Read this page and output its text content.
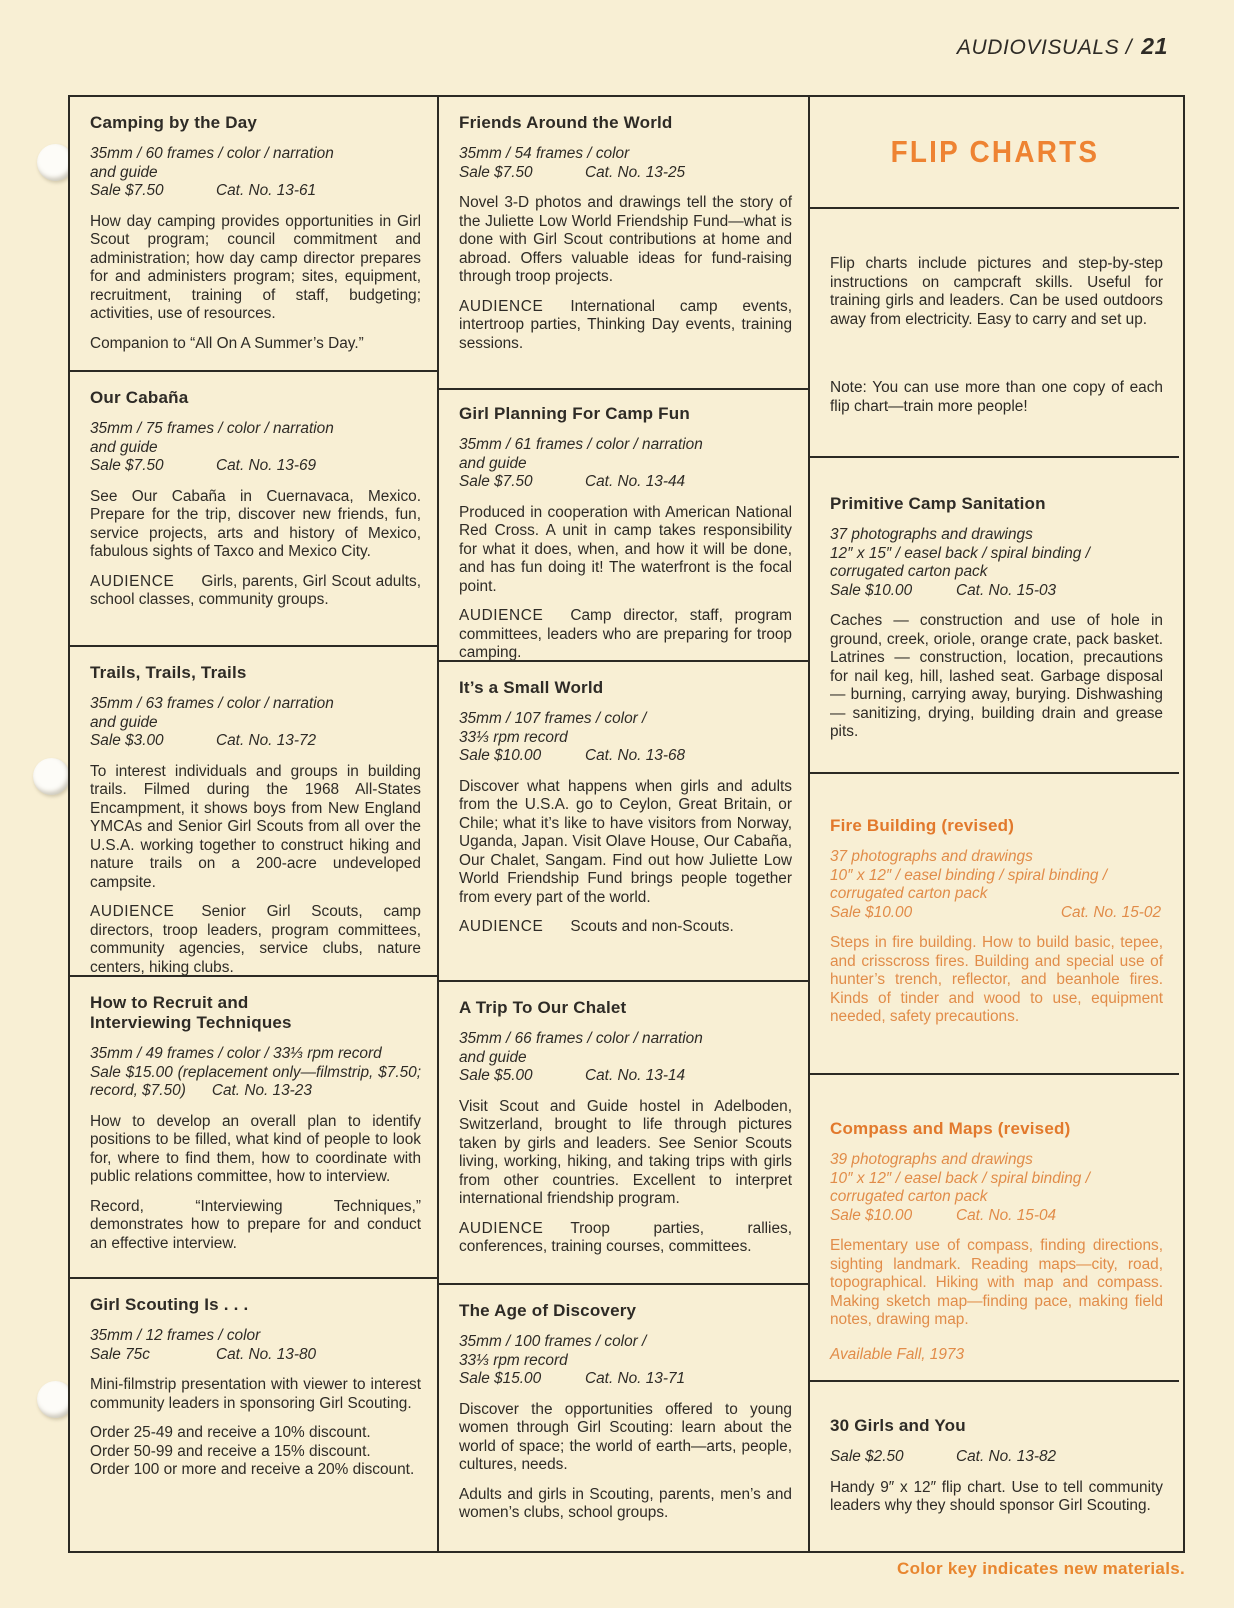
AUDIOVISUALS / 21
Camping by the Day
35mm / 60 frames / color / narration
and guide
Sale $7.50	Cat. No. 13-61

How day camping provides opportunities in Girl Scout program; council commitment and administration; how day camp director prepares for and administers program; sites, equipment, recruitment, training of staff, budgeting; activities, use of resources.

Companion to “All On A Summer’s Day.”

Our Cabaña
35mm / 75 frames / color / narration
and guide
Sale $7.50	Cat. No. 13-69

See Our Cabaña in Cuernavaca, Mexico. Prepare for the trip, discover new friends, fun, service projects, arts and history of Mexico, fabulous sights of Taxco and Mexico City.

AUDIENCE Girls, parents, Girl Scout adults, school classes, community groups.

Trails, Trails, Trails
35mm / 63 frames / color / narration
and guide
Sale $3.00	Cat. No. 13-72

To interest individuals and groups in building trails. Filmed during the 1968 All-States Encampment, it shows boys from New England YMCAs and Senior Girl Scouts from all over the U.S.A. working together to construct hiking and nature trails on a 200-acre undeveloped campsite.

AUDIENCE Senior Girl Scouts, camp directors, troop leaders, program committees, community agencies, service clubs, nature centers, hiking clubs.

How to Recruit and
Interviewing Techniques
35mm / 49 frames / color / 33⅓ rpm record
Sale $15.00 (replacement only—filmstrip, $7.50; record, $7.50) Cat. No. 13-23

How to develop an overall plan to identify positions to be filled, what kind of people to look for, where to find them, how to coordinate with public relations committee, how to interview.

Record, “Interviewing Techniques,” demonstrates how to prepare for and conduct an effective interview.

Girl Scouting Is . . .
35mm / 12 frames / color
Sale 75c	Cat. No. 13-80

Mini-filmstrip presentation with viewer to interest community leaders in sponsoring Girl Scouting.

Order 25-49 and receive a 10% discount.
Order 50-99 and receive a 15% discount.
Order 100 or more and receive a 20% discount.
Friends Around the World
35mm / 54 frames / color
Sale $7.50	Cat. No. 13-25

Novel 3-D photos and drawings tell the story of the Juliette Low World Friendship Fund—what is done with Girl Scout contributions at home and abroad. Offers valuable ideas for fund-raising through troop projects.

AUDIENCE International camp events, intertroop parties, Thinking Day events, training sessions.

Girl Planning For Camp Fun
35mm / 61 frames / color / narration
and guide
Sale $7.50	Cat. No. 13-44

Produced in cooperation with American National Red Cross. A unit in camp takes responsibility for what it does, when, and how it will be done, and has fun doing it! The waterfront is the focal point.

AUDIENCE Camp director, staff, program committees, leaders who are preparing for troop camping.

It’s a Small World
35mm / 107 frames / color /
33⅓ rpm record
Sale $10.00	Cat. No. 13-68

Discover what happens when girls and adults from the U.S.A. go to Ceylon, Great Britain, or Chile; what it’s like to have visitors from Norway, Uganda, Japan. Visit Olave House, Our Cabaña, Our Chalet, Sangam. Find out how Juliette Low World Friendship Fund brings people together from every part of the world.

AUDIENCE Scouts and non-Scouts.

A Trip To Our Chalet
35mm / 66 frames / color / narration
and guide
Sale $5.00	Cat. No. 13-14

Visit Scout and Guide hostel in Adelboden, Switzerland, brought to life through pictures taken by girls and leaders. See Senior Scouts living, working, hiking, and taking trips with girls from other countries. Excellent to interpret international friendship program.

AUDIENCE Troop parties, rallies, conferences, training courses, committees.

The Age of Discovery
35mm / 100 frames / color /
33⅓ rpm record
Sale $15.00	Cat. No. 13-71

Discover the opportunities offered to young women through Girl Scouting: learn about the world of space; the world of earth—arts, people, cultures, needs.

Adults and girls in Scouting, parents, men’s and women’s clubs, school groups.

FLIP CHARTS

Flip charts include pictures and step-by-step instructions on campcraft skills. Useful for training girls and leaders. Can be used outdoors away from electricity. Easy to carry and set up.

Note: You can use more than one copy of each flip chart—train more people!

Primitive Camp Sanitation
37 photographs and drawings
12″ x 15″ / easel back / spiral binding /
corrugated carton pack
Sale $10.00	Cat. No. 15-03

Caches — construction and use of hole in ground, creek, oriole, orange crate, pack basket. Latrines — construction, location, precautions for nail keg, hill, lashed seat. Garbage disposal — burning, carrying away, burying. Dishwashing — sanitizing, drying, building drain and grease pits.

Fire Building (revised)
37 photographs and drawings
10″ x 12″ / easel binding / spiral binding /
corrugated carton pack
Sale $10.00	Cat. No. 15-02

Steps in fire building. How to build basic, tepee, and crisscross fires. Building and special use of hunter’s trench, reflector, and beanhole fires. Kinds of tinder and wood to use, equipment needed, safety precautions.

Compass and Maps (revised)
39 photographs and drawings
10″ x 12″ / easel back / spiral binding /
corrugated carton pack
Sale $10.00	Cat. No. 15-04

Elementary use of compass, finding directions, sighting landmark. Reading maps—city, road, topographical. Hiking with map and compass. Making sketch map—finding pace, making field notes, drawing map.

Available Fall, 1973
30 Girls and You
Sale $2.50	Cat. No. 13-82

Handy 9″ x 12″ flip chart. Use to tell community leaders why they should sponsor Girl Scouting.

Color key indicates new materials.
